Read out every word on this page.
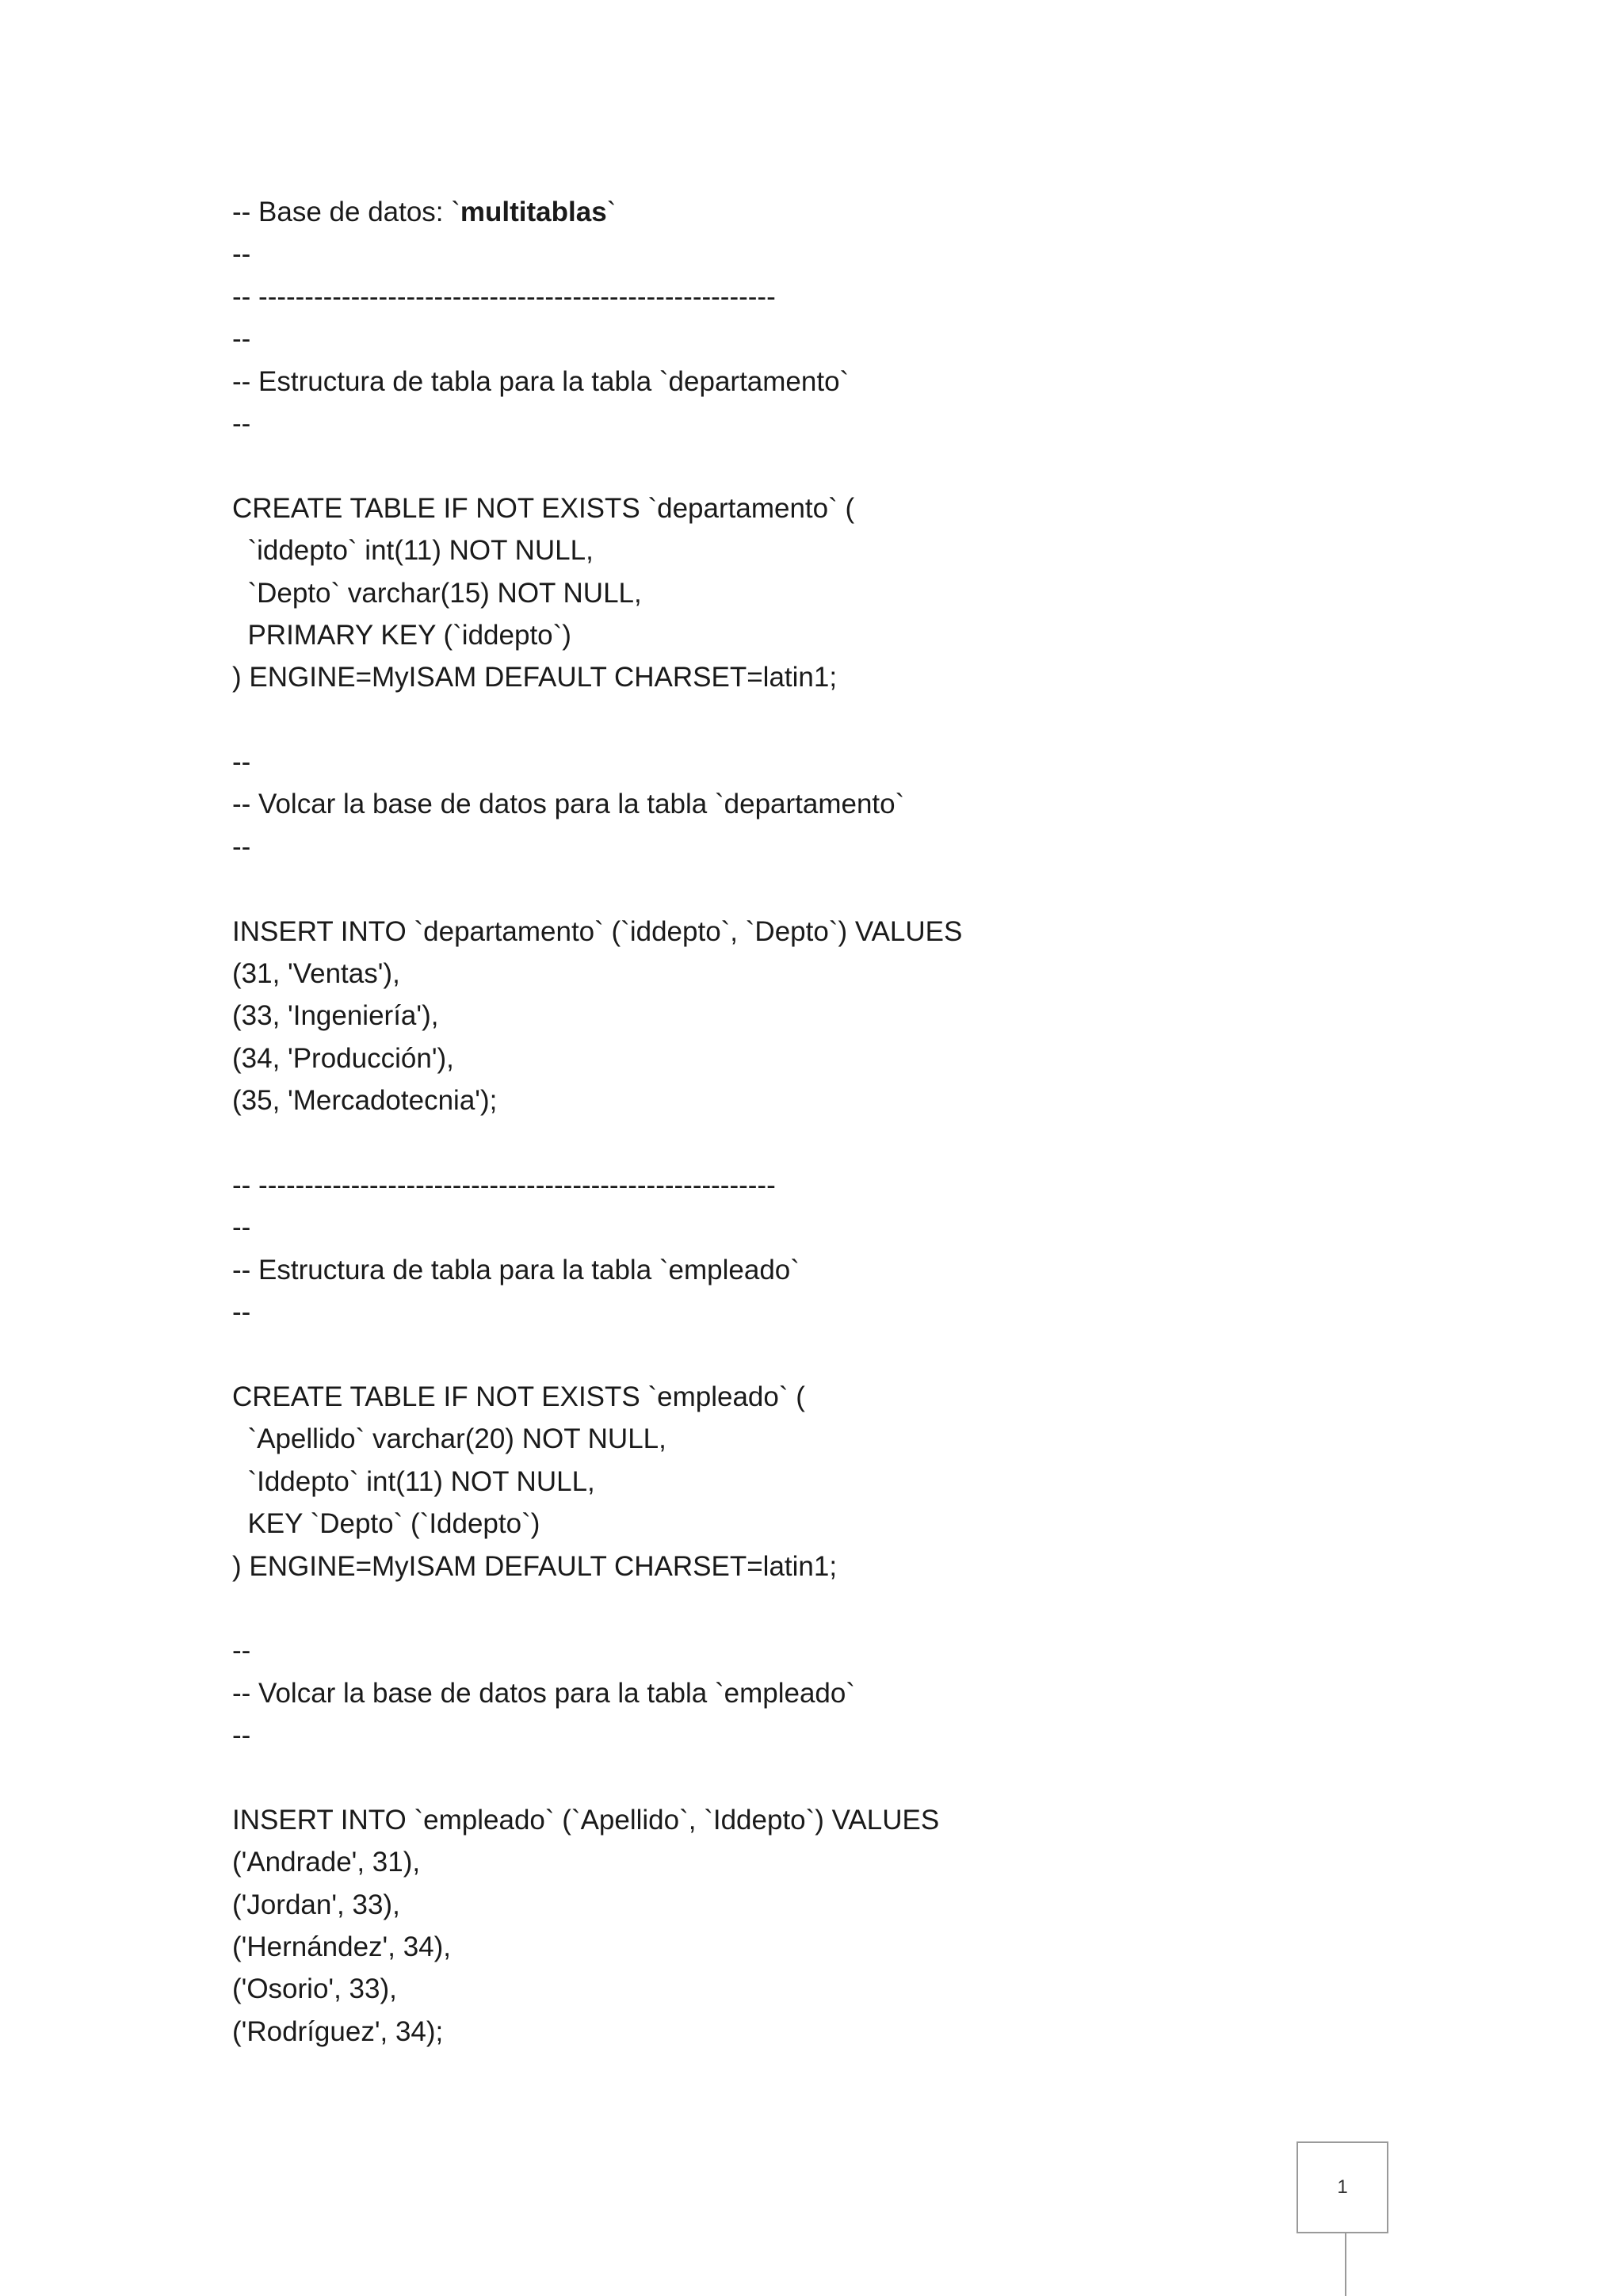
-- Base de datos: `multitablas`
--
-- --------------------------------------------------------
--
-- Estructura de tabla para la tabla `departamento`
--
CREATE TABLE IF NOT EXISTS `departamento` (
`iddepto` int(11) NOT NULL,
`Depto` varchar(15) NOT NULL,
PRIMARY KEY (`iddepto`)
) ENGINE=MyISAM DEFAULT CHARSET=latin1;
--
-- Volcar la base de datos para la tabla `departamento`
--
INSERT INTO `departamento` (`iddepto`, `Depto`) VALUES
(31, 'Ventas'),
(33, 'Ingeniería'),
(34, 'Producción'),
(35, 'Mercadotecnia');
-- --------------------------------------------------------
--
-- Estructura de tabla para la tabla `empleado`
--
CREATE TABLE IF NOT EXISTS `empleado` (
`Apellido` varchar(20) NOT NULL,
`Iddepto` int(11) NOT NULL,
KEY `Depto` (`Iddepto`)
) ENGINE=MyISAM DEFAULT CHARSET=latin1;
--
-- Volcar la base de datos para la tabla `empleado`
--
INSERT INTO `empleado` (`Apellido`, `Iddepto`) VALUES
('Andrade', 31),
('Jordan', 33),
('Hernández', 34),
('Osorio', 33),
('Rodríguez', 34);
1
